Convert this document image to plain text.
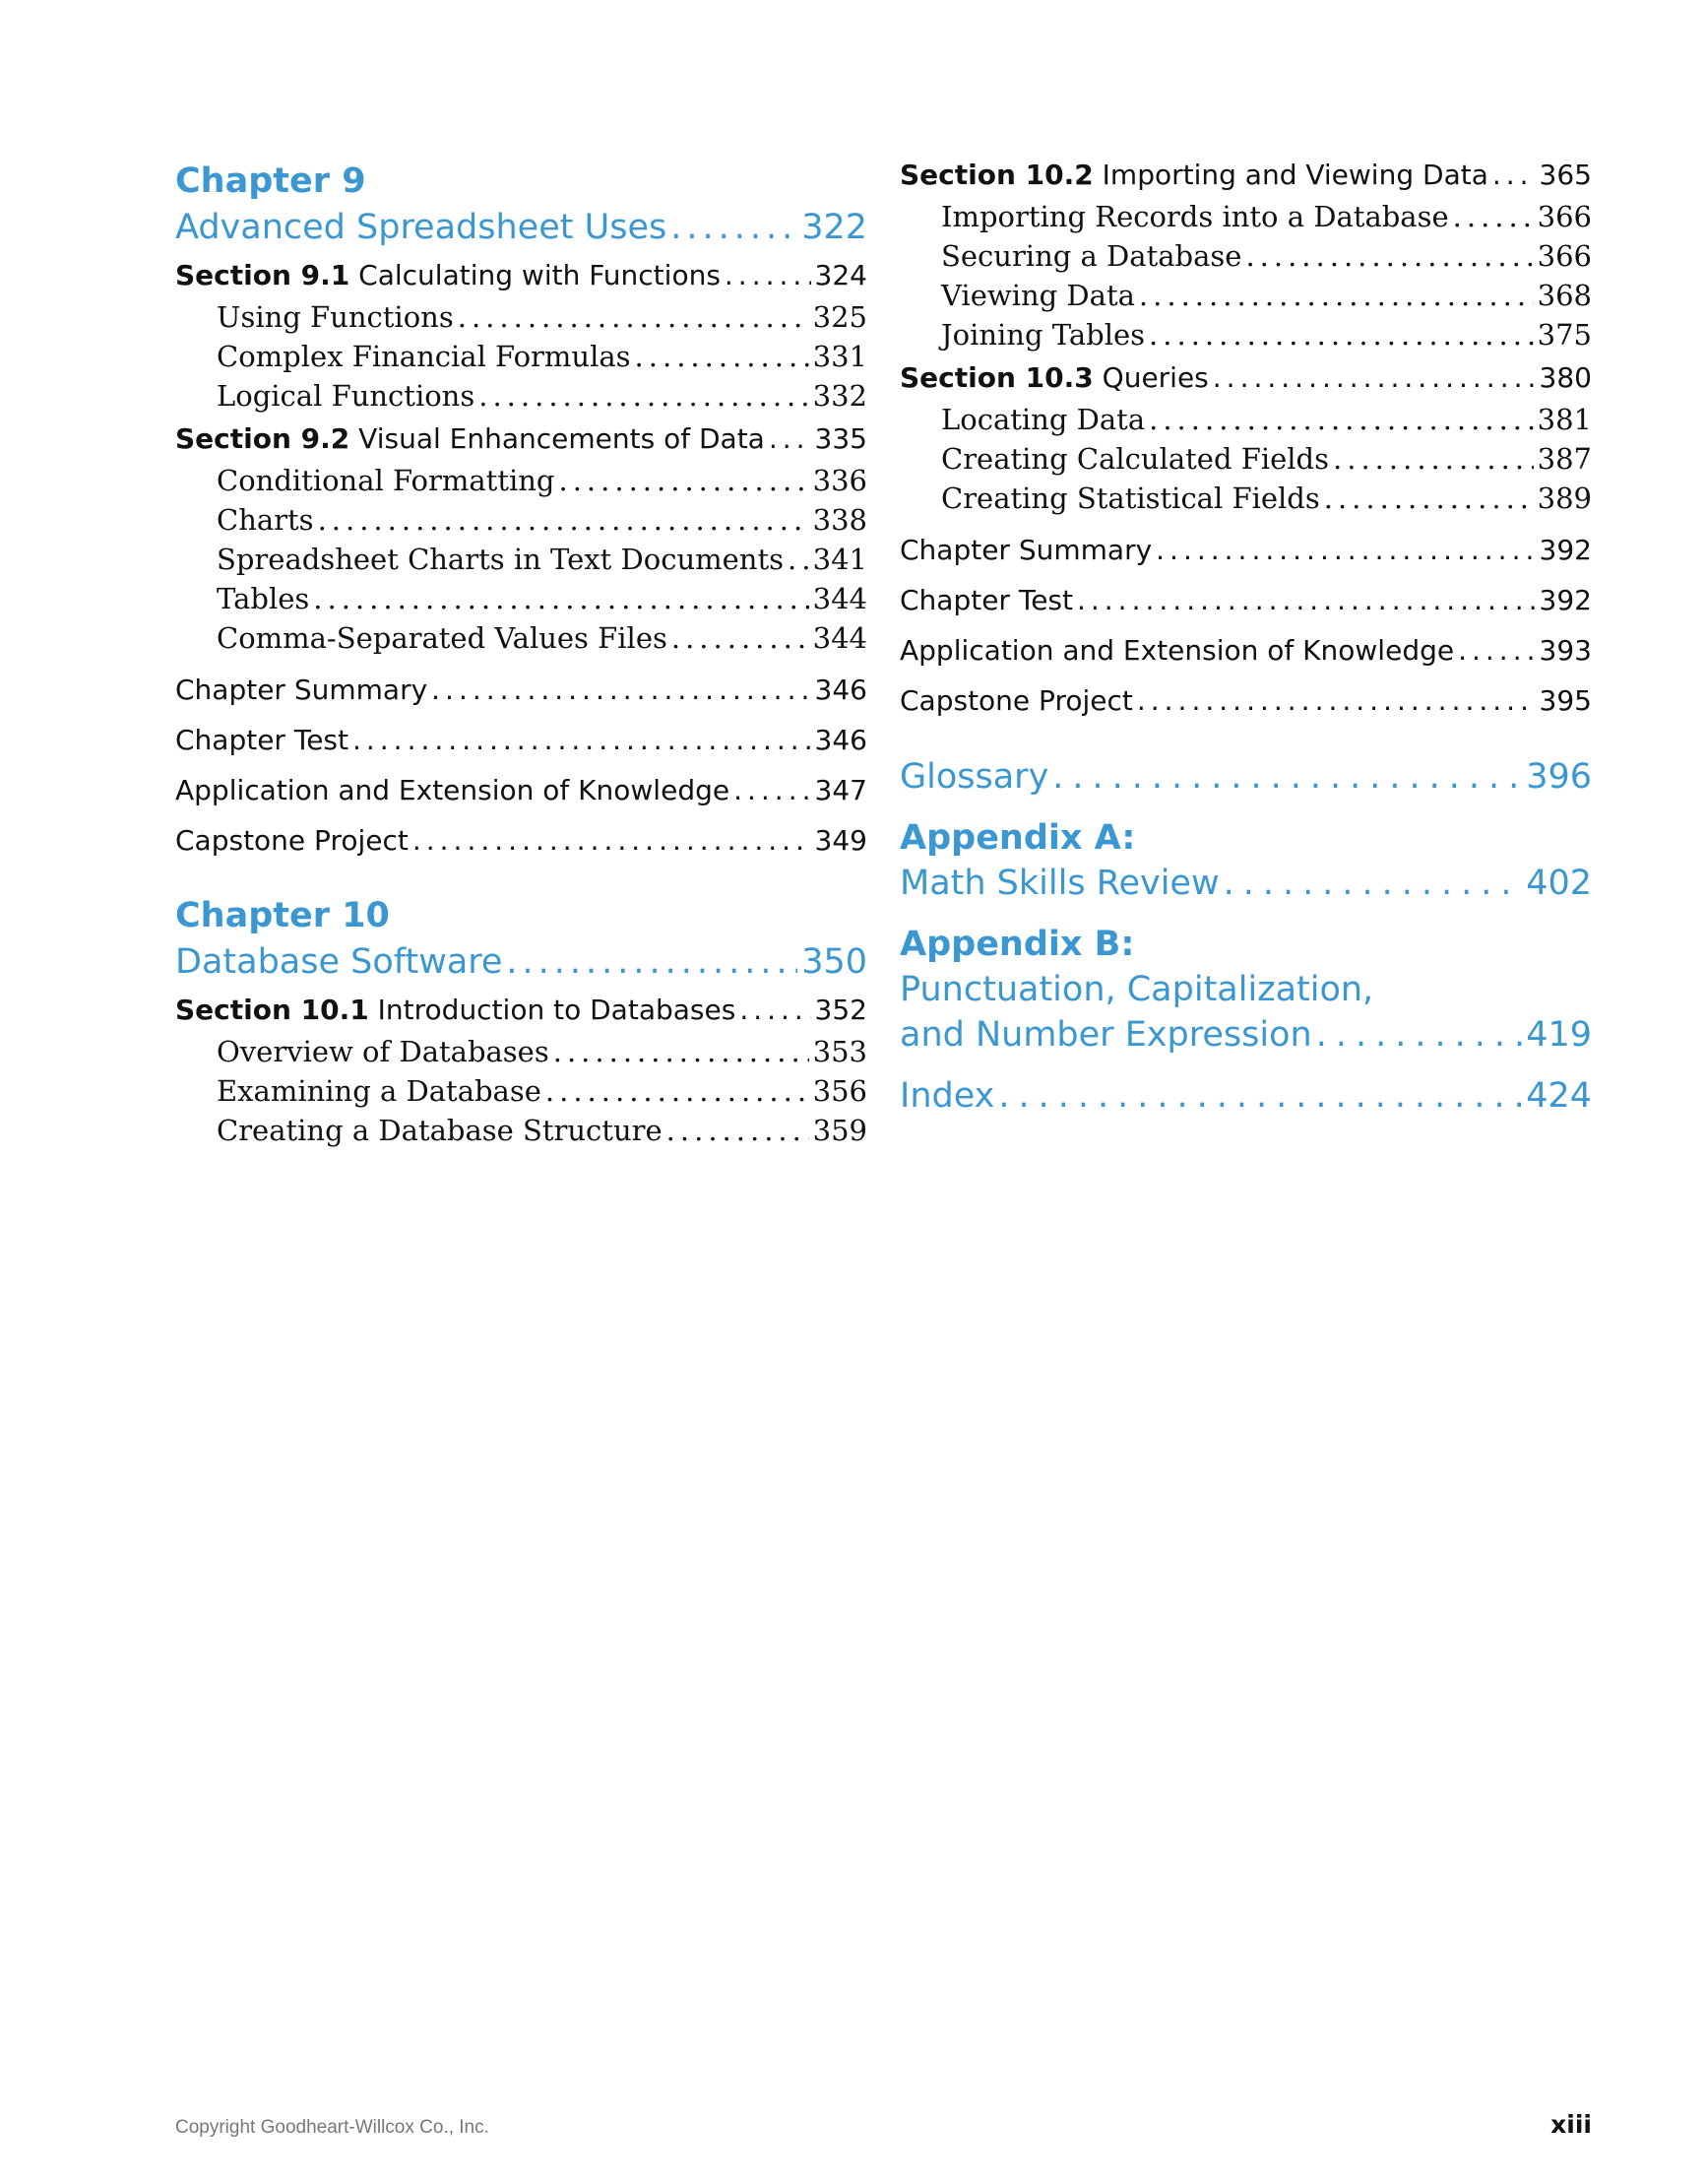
Chapter 9
Advanced Spreadsheet Uses .....	322
Section 9.1 Calculating with Functions .....	324
Using Functions .....	325
Complex Financial Formulas .....	331
Logical Functions .....	332
Section 9.2 Visual Enhancements of Data ..... 335
Conditional Formatting .....	336
Charts .....	338
Spreadsheet Charts in Text Documents ..... 341
Tables .....	344
Comma-Separated Values Files .....	344
Chapter Summary .....	346
Chapter Test .....	346
Application and Extension of Knowledge .....	347
Capstone Project .....	349
Chapter 10
Database Software .....	350
Section 10.1 Introduction to Databases .....	352
Overview of Databases .....	353
Examining a Database .....	356
Creating a Database Structure .....	359
Section 10.2 Importing and Viewing Data ..... 365
Importing Records into a Database .....	366
Securing a Database .....	366
Viewing Data .....	368
Joining Tables .....	375
Section 10.3 Queries .....	380
Locating Data .....	381
Creating Calculated Fields .....	387
Creating Statistical Fields .....	389
Chapter Summary .....	392
Chapter Test .....	392
Application and Extension of Knowledge .....	393
Capstone Project .....	395
Glossary .....	396
Appendix A:
Math Skills Review .....	402
Appendix B:
Punctuation, Capitalization,
and Number Expression .....	419
Index .....	424
Copyright Goodheart-Willcox Co., Inc.	xiii
